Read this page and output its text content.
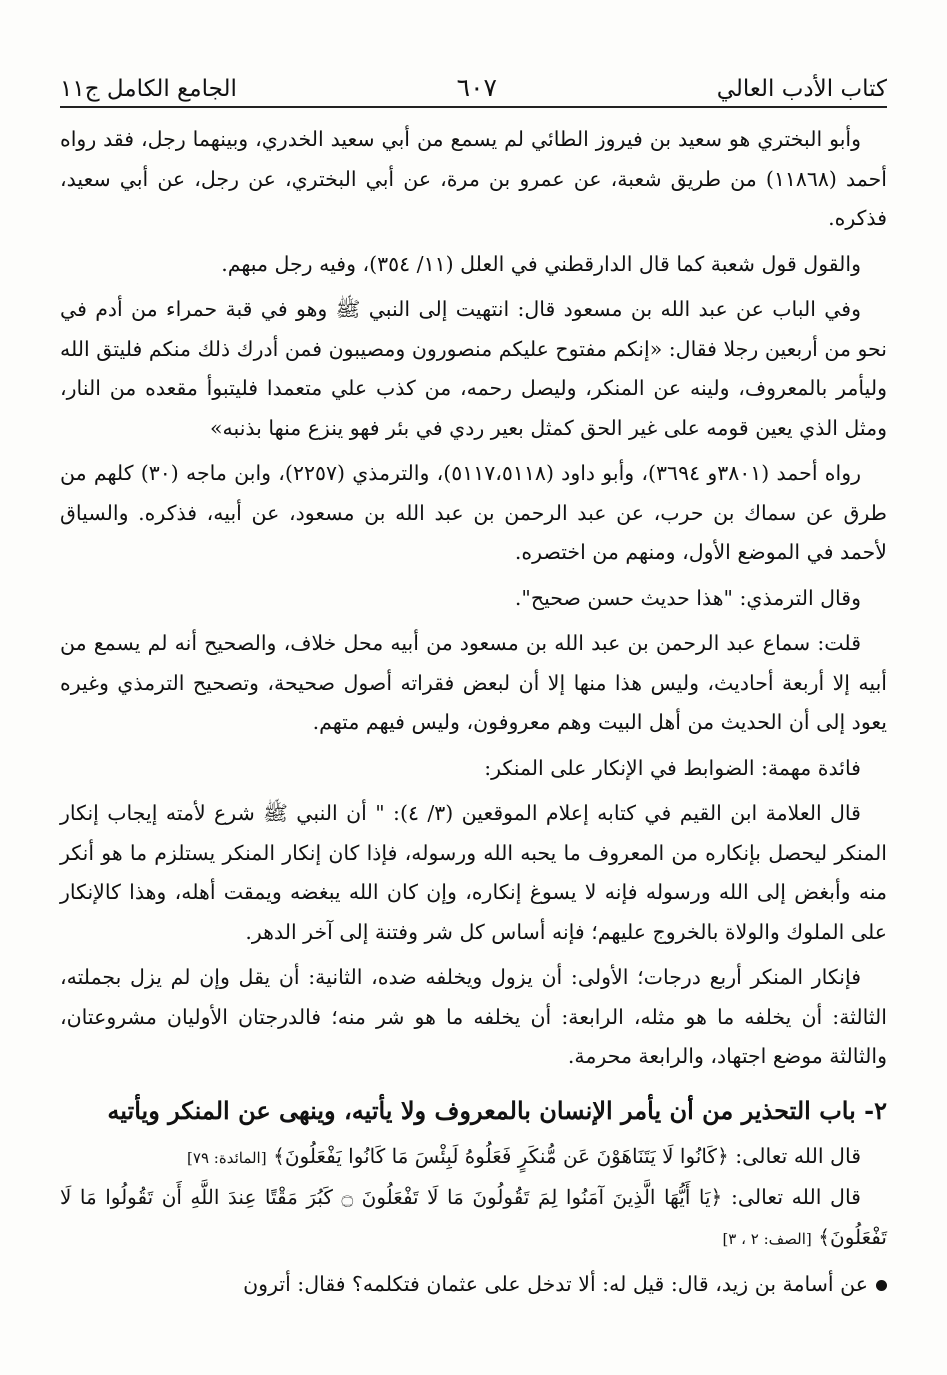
كتاب الأدب العالي
٦٠٧
الجامع الكامل ج١١

وأبو البختري هو سعيد بن فيروز الطائي لم يسمع من أبي سعيد الخدري، وبينهما رجل، فقد رواه أحمد (١١٨٦٨) من طريق شعبة، عن عمرو بن مرة، عن أبي البختري، عن رجل، عن أبي سعيد، فذكره.

والقول قول شعبة كما قال الدارقطني في العلل (١١/ ٣٥٤)، وفيه رجل مبهم.

وفي الباب عن عبد الله بن مسعود قال: انتهيت إلى النبي ﷺ وهو في قبة حمراء من أدم في نحو من أربعين رجلا فقال: «إنكم مفتوح عليكم منصورون ومصيبون فمن أدرك ذلك منكم فليتق الله وليأمر بالمعروف، ولينه عن المنكر، وليصل رحمه، من كذب علي متعمدا فليتبوأ مقعده من النار، ومثل الذي يعين قومه على غير الحق كمثل بعير ردي في بئر فهو ينزع منها بذنبه»

رواه أحمد (٣٨٠١و ٣٦٩٤)، وأبو داود (٥١١٧،٥١١٨)، والترمذي (٢٢٥٧)، وابن ماجه (٣٠) كلهم من طرق عن سماك بن حرب، عن عبد الرحمن بن عبد الله بن مسعود، عن أبيه، فذكره. والسياق لأحمد في الموضع الأول، ومنهم من اختصره.

وقال الترمذي: "هذا حديث حسن صحيح".

قلت: سماع عبد الرحمن بن عبد الله بن مسعود من أبيه محل خلاف، والصحيح أنه لم يسمع من أبيه إلا أربعة أحاديث، وليس هذا منها إلا أن لبعض فقراته أصول صحيحة، وتصحيح الترمذي وغيره يعود إلى أن الحديث من أهل البيت وهم معروفون، وليس فيهم متهم.

فائدة مهمة: الضوابط في الإنكار على المنكر:

قال العلامة ابن القيم في كتابه إعلام الموقعين (٣/ ٤): " أن النبي ﷺ شرع لأمته إيجاب إنكار المنكر ليحصل بإنكاره من المعروف ما يحبه الله ورسوله، فإذا كان إنكار المنكر يستلزم ما هو أنكر منه وأبغض إلى الله ورسوله فإنه لا يسوغ إنكاره، وإن كان الله يبغضه ويمقت أهله، وهذا كالإنكار على الملوك والولاة بالخروج عليهم؛ فإنه أساس كل شر وفتنة إلى آخر الدهر.

فإنكار المنكر أربع درجات؛ الأولى: أن يزول ويخلفه ضده، الثانية: أن يقل وإن لم يزل بجملته، الثالثة: أن يخلفه ما هو مثله، الرابعة: أن يخلفه ما هو شر منه؛ فالدرجتان الأوليان مشروعتان، والثالثة موضع اجتهاد، والرابعة محرمة.

٢- باب التحذير من أن يأمر الإنسان بالمعروف ولا يأتيه، وينهى عن المنكر ويأتيه

قال الله تعالى: ﴿كَانُوا لَا يَتَنَاهَوْنَ عَن مُّنكَرٍ فَعَلُوهُ لَبِئْسَ مَا كَانُوا يَفْعَلُونَ﴾ [المائدة: ٧٩]

قال الله تعالى: ﴿يَا أَيُّهَا الَّذِينَ آمَنُوا لِمَ تَقُولُونَ مَا لَا تَفْعَلُونَ ۝ كَبُرَ مَقْتًا عِندَ اللَّهِ أَن تَقُولُوا مَا لَا تَفْعَلُونَ﴾ [الصف: ٢ ، ٣]

عن أسامة بن زيد، قال: قيل له: ألا تدخل على عثمان فتكلمه؟ فقال: أترون
